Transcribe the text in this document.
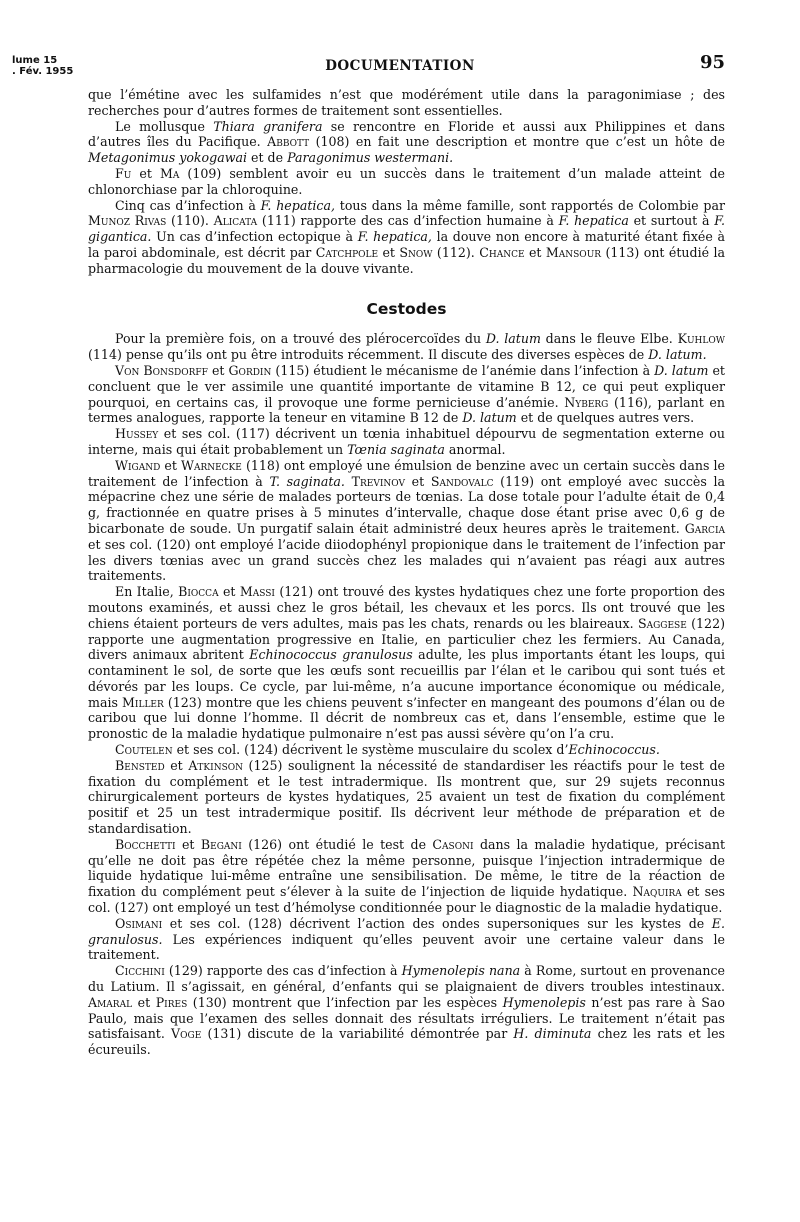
lume 15
. Fév. 1955	DOCUMENTATION	95

que l’émétine avec les sulfamides n’est que modérément utile dans la paragonimiase ; des recherches pour d’autres formes de traitement sont essentielles.

Le mollusque Thiara granifera se rencontre en Floride et aussi aux Philippines et dans d’autres îles du Pacifique. Abbott (108) en fait une description et montre que c’est un hôte de Metagonimus yokogawai et de Paragonimus westermani.

Fu et Ma (109) semblent avoir eu un succès dans le traitement d’un malade atteint de chlonorchiase par la chloroquine.

Cinq cas d’infection à F. hepatica, tous dans la même famille, sont rapportés de Colombie par Munoz Rivas (110). Alicata (111) rapporte des cas d’infection humaine à F. hepatica et surtout à F. gigantica. Un cas d’infection ectopique à F. hepatica, la douve non encore à maturité étant fixée à la paroi abdominale, est décrit par Catchpole et Snow (112). Chance et Mansour (113) ont étudié la pharmacologie du mouvement de la douve vivante.

Cestodes

Pour la première fois, on a trouvé des plérocercoïdes du D. latum dans le fleuve Elbe. Kuhlow (114) pense qu’ils ont pu être introduits récemment. Il discute des diverses espèces de D. latum.

Von Bonsdorff et Gordin (115) étudient le mécanisme de l’anémie dans l’infection à D. latum et concluent que le ver assimile une quantité importante de vitamine B 12, ce qui peut expliquer pourquoi, en certains cas, il provoque une forme pernicieuse d’anémie. Nyberg (116), parlant en termes analogues, rapporte la teneur en vitamine B 12 de D. latum et de quelques autres vers.

Hussey et ses col. (117) décrivent un tœnia inhabituel dépourvu de segmentation externe ou interne, mais qui était probablement un Tœnia saginata anormal.

Wigand et Warnecke (118) ont employé une émulsion de benzine avec un certain succès dans le traitement de l’infection à T. saginata. Trevinov et Sandovalc (119) ont employé avec succès la mépacrine chez une série de malades porteurs de tœnias. La dose totale pour l’adulte était de 0,4 g, fractionnée en quatre prises à 5 minutes d’intervalle, chaque dose étant prise avec 0,6 g de bicarbonate de soude. Un purgatif salain était administré deux heures après le traitement. Garcia et ses col. (120) ont employé l’acide diiodophényl propionique dans le traitement de l’infection par les divers tœnias avec un grand succès chez les malades qui n’avaient pas réagi aux autres traitements.

En Italie, Biocca et Massi (121) ont trouvé des kystes hydatiques chez une forte proportion des moutons examinés, et aussi chez le gros bétail, les chevaux et les porcs. Ils ont trouvé que les chiens étaient porteurs de vers adultes, mais pas les chats, renards ou les blaireaux. Saggese (122) rapporte une augmentation progressive en Italie, en particulier chez les fermiers. Au Canada, divers animaux abritent Echinococcus granulosus adulte, les plus importants étant les loups, qui contaminent le sol, de sorte que les œufs sont recueillis par l’élan et le caribou qui sont tués et dévorés par les loups. Ce cycle, par lui-même, n’a aucune importance économique ou médicale, mais Miller (123) montre que les chiens peuvent s’infecter en mangeant des poumons d’élan ou de caribou que lui donne l’homme. Il décrit de nombreux cas et, dans l’ensemble, estime que le pronostic de la maladie hydatique pulmonaire n’est pas aussi sévère qu’on l’a cru.

Coutelen et ses col. (124) décrivent le système musculaire du scolex d’Echinococcus.

Bensted et Atkinson (125) soulignent la nécessité de standardiser les réactifs pour le test de fixation du complément et le test intradermique. Ils montrent que, sur 29 sujets reconnus chirurgicalement porteurs de kystes hydatiques, 25 avaient un test de fixation du complément positif et 25 un test intradermique positif. Ils décrivent leur méthode de préparation et de standardisation.

Bocchetti et Begani (126) ont étudié le test de Casoni dans la maladie hydatique, précisant qu’elle ne doit pas être répétée chez la même personne, puisque l’injection intradermique de liquide hydatique lui-même entraîne une sensibilisation. De même, le titre de la réaction de fixation du complément peut s’élever à la suite de l’injection de liquide hydatique. Naquira et ses col. (127) ont employé un test d’hémolyse conditionnée pour le diagnostic de la maladie hydatique.

Osimani et ses col. (128) décrivent l’action des ondes supersoniques sur les kystes de E. granulosus. Les expériences indiquent qu’elles peuvent avoir une certaine valeur dans le traitement.

Cicchini (129) rapporte des cas d’infection à Hymenolepis nana à Rome, surtout en provenance du Latium. Il s’agissait, en général, d’enfants qui se plaignaient de divers troubles intestinaux. Amaral et Pires (130) montrent que l’infection par les espèces Hymenolepis n’est pas rare à Sao Paulo, mais que l’examen des selles donnait des résultats irréguliers. Le traitement n’était pas satisfaisant. Voge (131) discute de la variabilité démontrée par H. diminuta chez les rats et les écureuils.
